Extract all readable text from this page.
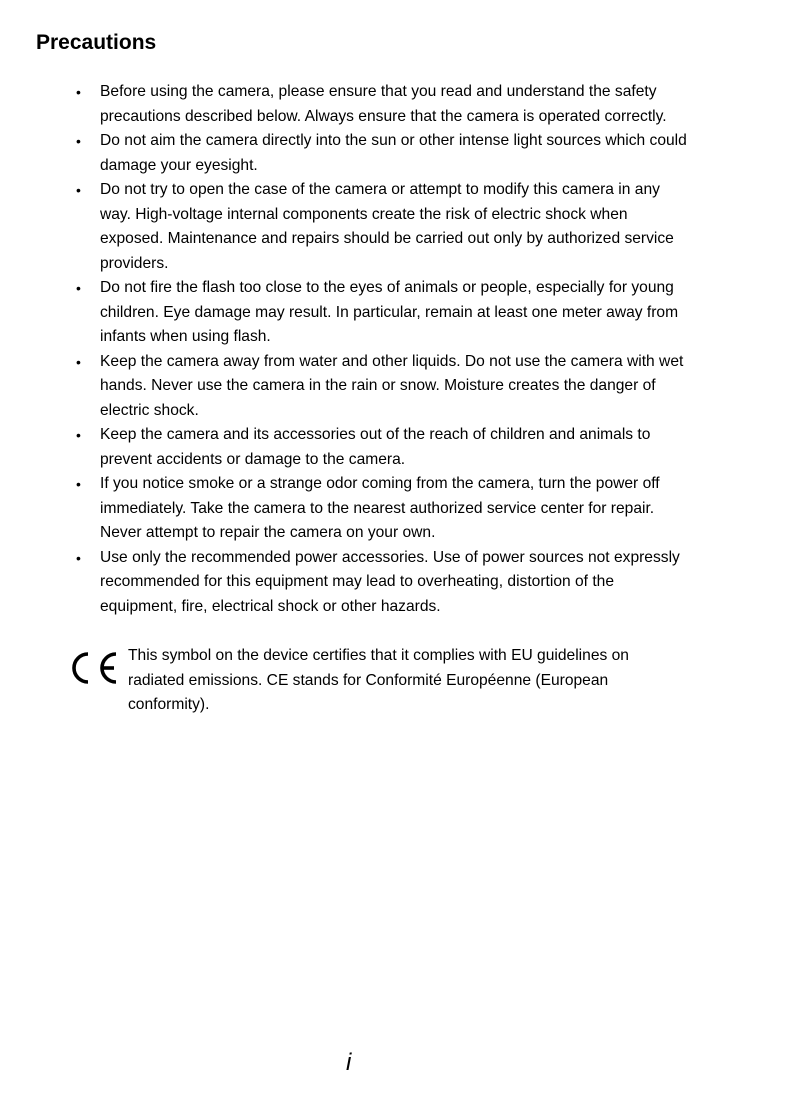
Precautions
• Before using the camera, please ensure that you read and understand the safety precautions described below. Always ensure that the camera is operated correctly.
• Do not aim the camera directly into the sun or other intense light sources which could damage your eyesight.
• Do not try to open the case of the camera or attempt to modify this camera in any way. High-voltage internal components create the risk of electric shock when exposed. Maintenance and repairs should be carried out only by authorized service providers.
• Do not fire the flash too close to the eyes of animals or people, especially for young children. Eye damage may result. In particular, remain at least one meter away from infants when using flash.
• Keep the camera away from water and other liquids. Do not use the camera with wet hands. Never use the camera in the rain or snow. Moisture creates the danger of electric shock.
• Keep the camera and its accessories out of the reach of children and animals to prevent accidents or damage to the camera.
• If you notice smoke or a strange odor coming from the camera, turn the power off immediately. Take the camera to the nearest authorized service center for repair. Never attempt to repair the camera on your own.
• Use only the recommended power accessories. Use of power sources not expressly recommended for this equipment may lead to overheating, distortion of the equipment, fire, electrical shock or other hazards.
This symbol on the device certifies that it complies with EU guidelines on radiated emissions. CE stands for Conformité Européenne (European conformity).
i
